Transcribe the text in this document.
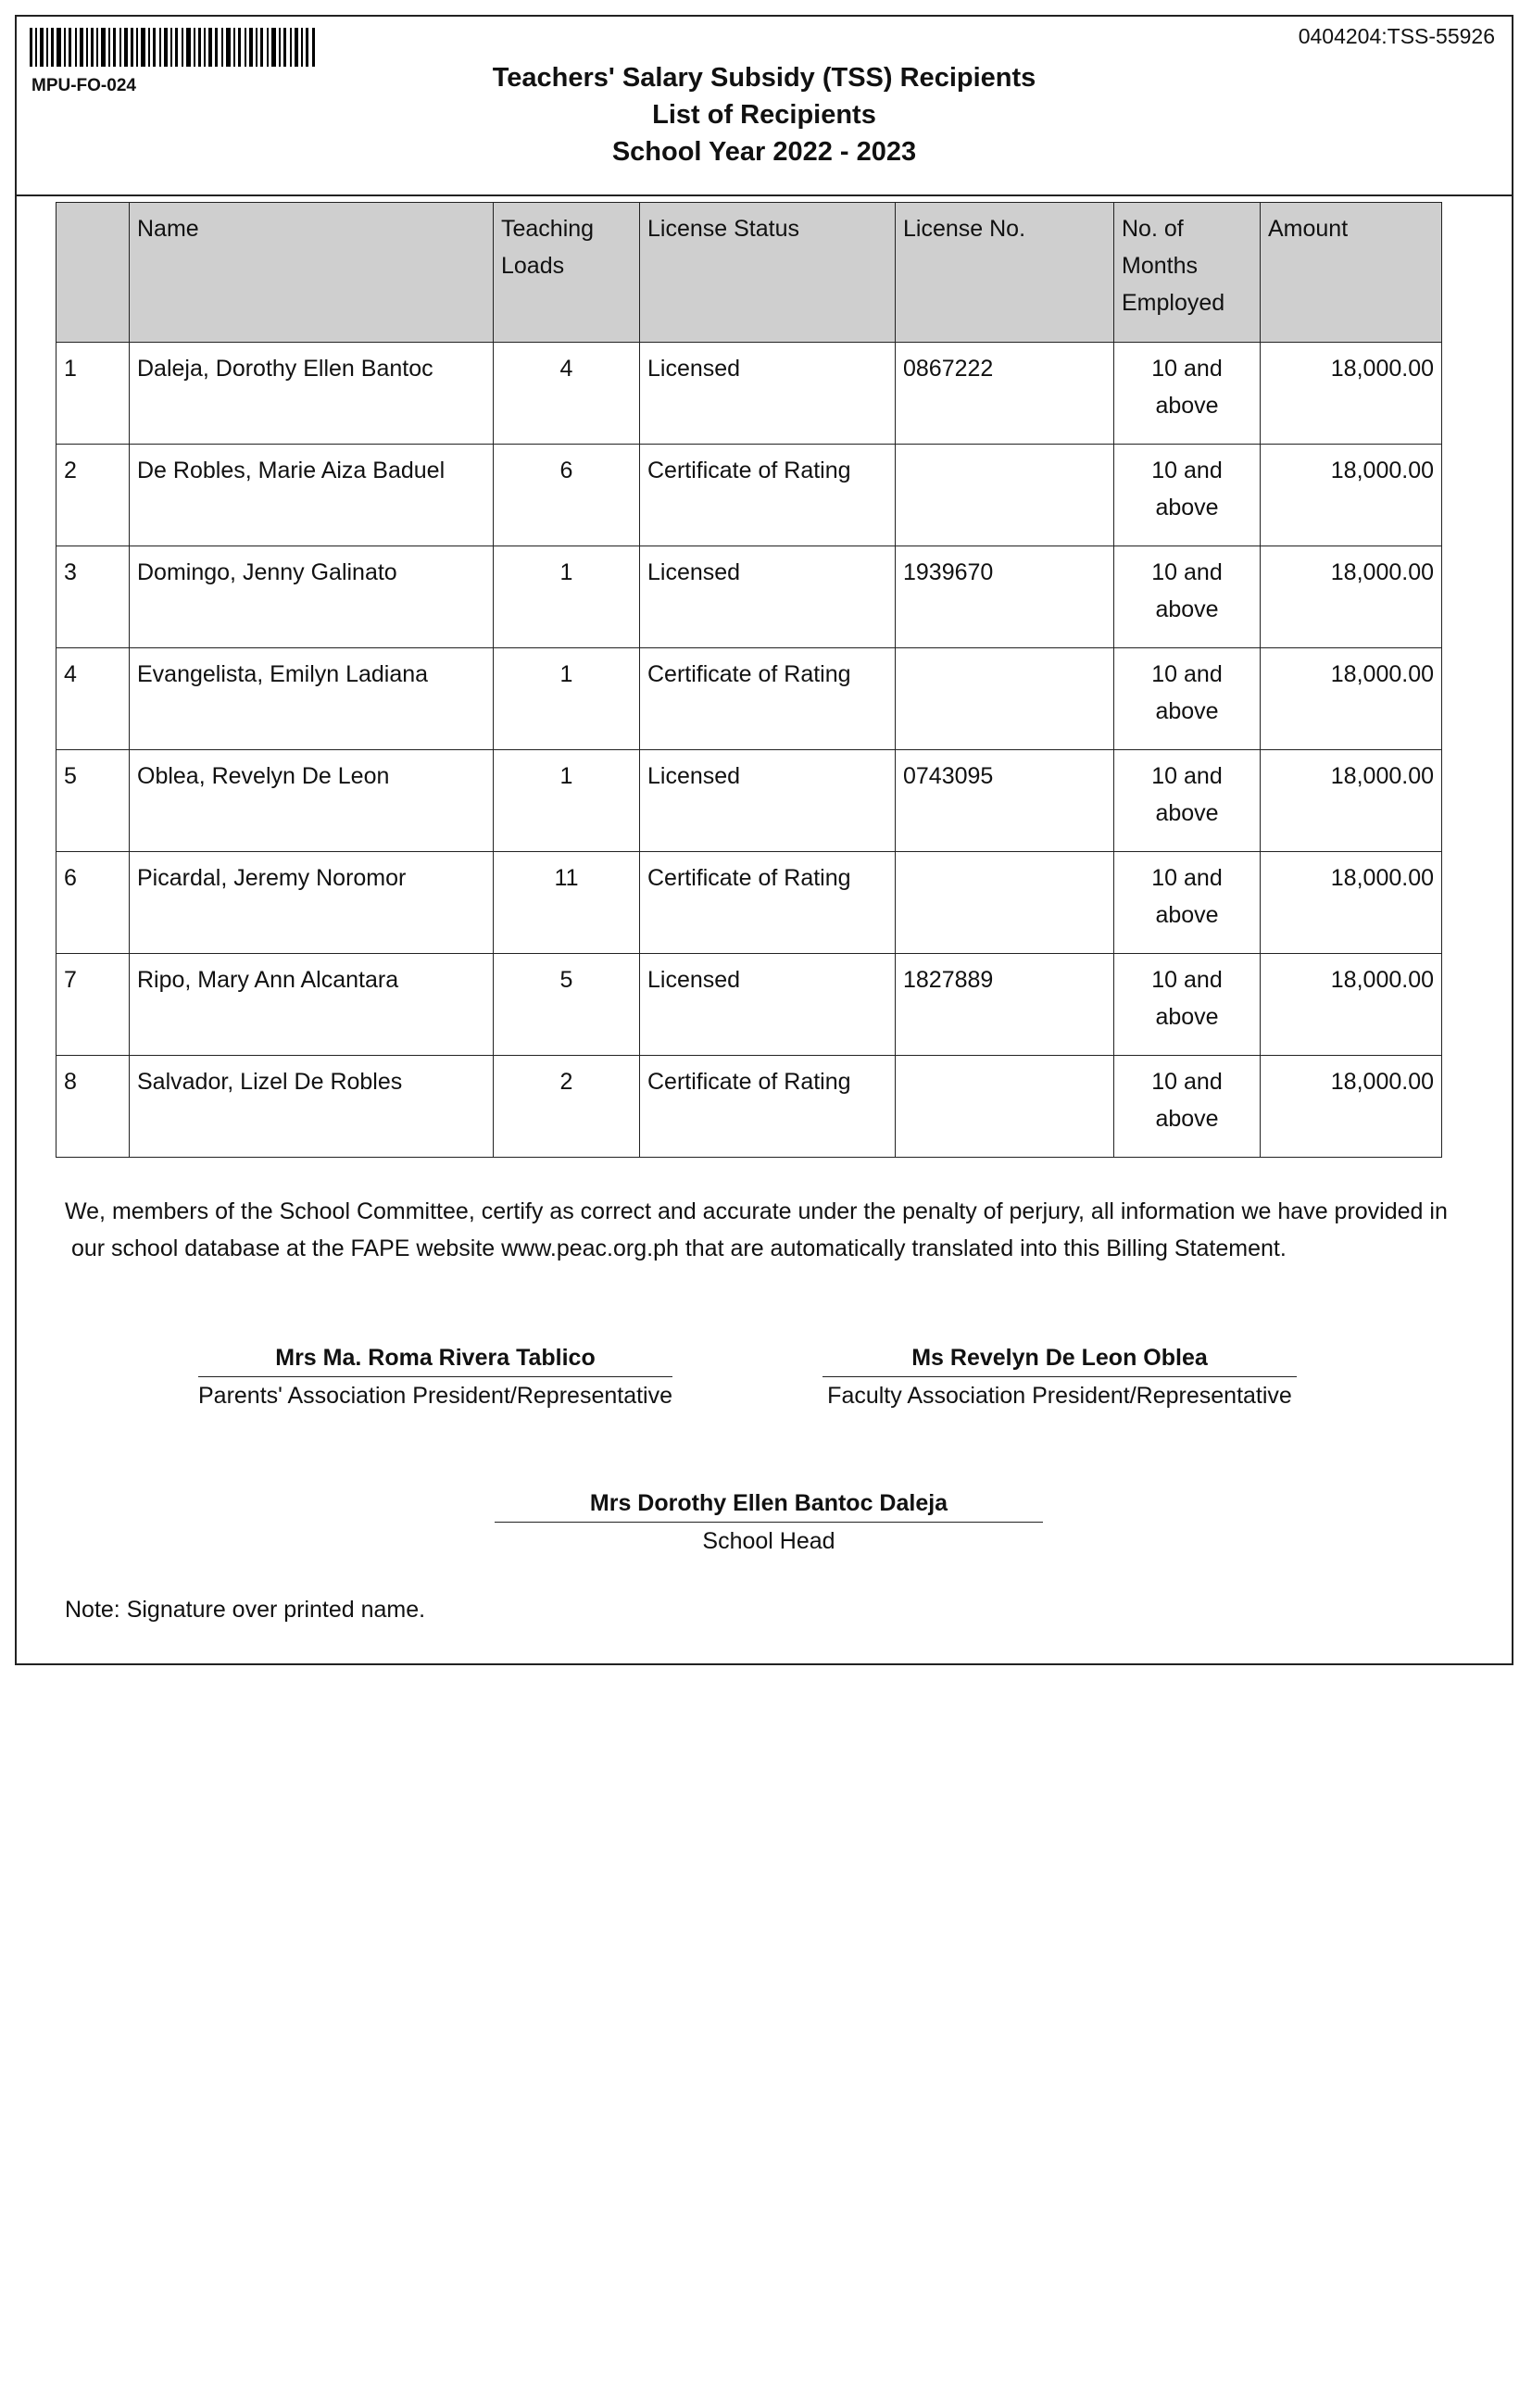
MPU-FO-024
0404204:TSS-55926
Teachers' Salary Subsidy (TSS) Recipients
List of Recipients
School Year 2022 - 2023
	Name	Teaching Loads	License Status	License No.	No. of Months Employed	Amount
1	Daleja, Dorothy Ellen Bantoc	4	Licensed	0867222	10 and above	18,000.00
2	De Robles, Marie Aiza Baduel	6	Certificate of Rating		10 and above	18,000.00
3	Domingo, Jenny Galinato	1	Licensed	1939670	10 and above	18,000.00
4	Evangelista, Emilyn Ladiana	1	Certificate of Rating		10 and above	18,000.00
5	Oblea, Revelyn De Leon	1	Licensed	0743095	10 and above	18,000.00
6	Picardal, Jeremy Noromor	11	Certificate of Rating		10 and above	18,000.00
7	Ripo, Mary Ann Alcantara	5	Licensed	1827889	10 and above	18,000.00
8	Salvador, Lizel De Robles	2	Certificate of Rating		10 and above	18,000.00
We, members of the School Committee, certify as correct and accurate under the penalty of perjury, all information we have provided in
our school database at the FAPE website www.peac.org.ph that are automatically translated into this Billing Statement.
Mrs Ma. Roma Rivera Tablico
Parents' Association President/Representative
Ms Revelyn De Leon Oblea
Faculty Association President/Representative
Mrs Dorothy Ellen Bantoc Daleja
School Head
Note: Signature over printed name.
